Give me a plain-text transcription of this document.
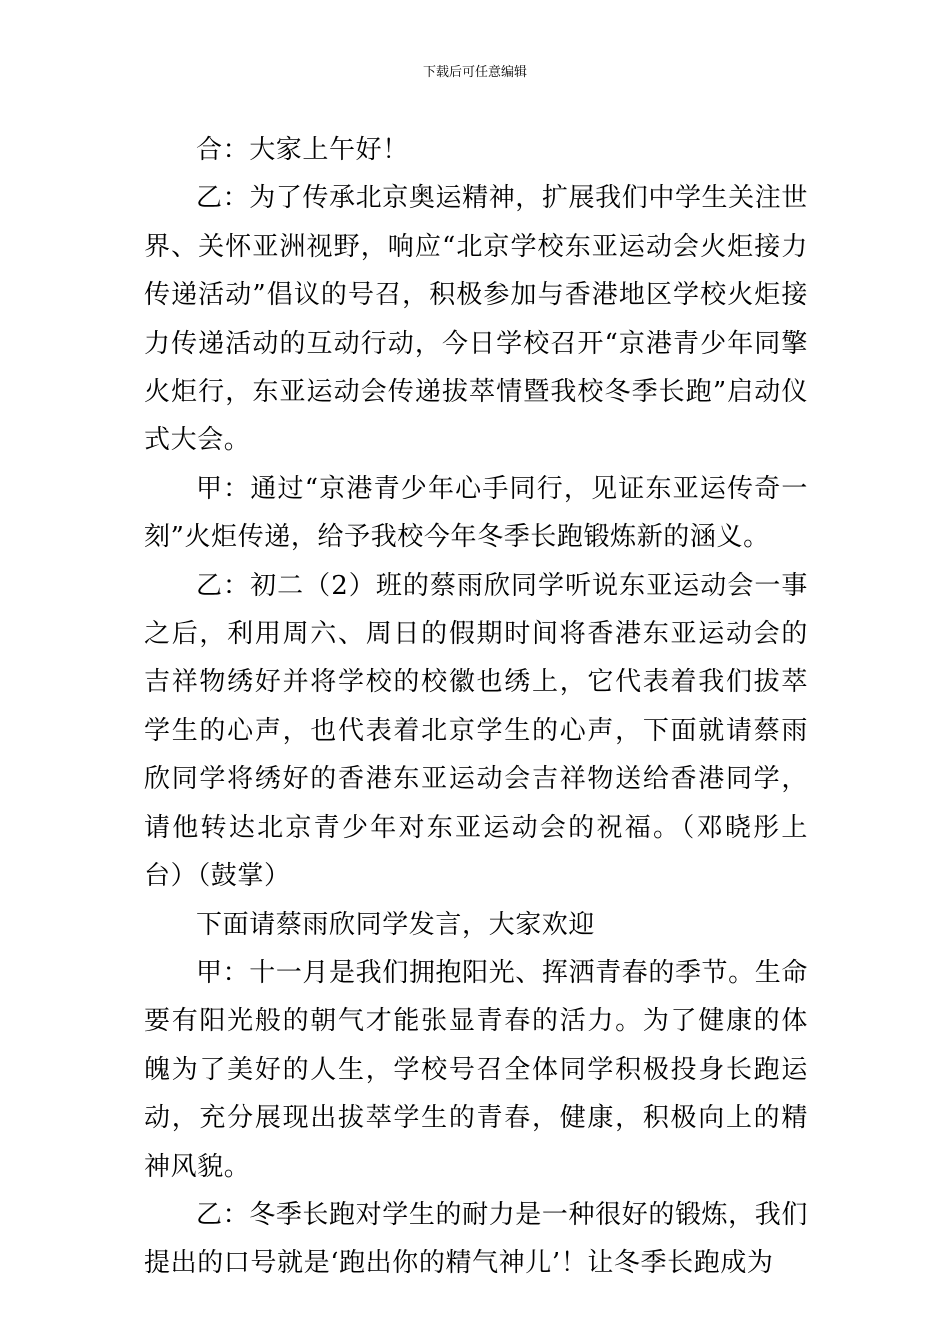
下载后可任意编辑

合：大家上午好！

乙：为了传承北京奥运精神，扩展我们中学生关注世界、关怀亚洲视野，响应“北京学校东亚运动会火炬接力传递活动”倡议的号召，积极参加与香港地区学校火炬接力传递活动的互动行动，今日学校召开“京港青少年同擎火炬行，东亚运动会传递拔萃情暨我校冬季长跑”启动仪式大会。

甲：通过“京港青少年心手同行，见证东亚运传奇一刻”火炬传递，给予我校今年冬季长跑锻炼新的涵义。

乙：初二（2）班的蔡雨欣同学听说东亚运动会一事之后，利用周六、周日的假期时间将香港东亚运动会的吉祥物绣好并将学校的校徽也绣上，它代表着我们拔萃学生的心声，也代表着北京学生的心声，下面就请蔡雨欣同学将绣好的香港东亚运动会吉祥物送给香港同学，请他转达北京青少年对东亚运动会的祝福。（邓晓彤上台）（鼓掌）

下面请蔡雨欣同学发言，大家欢迎

甲：十一月是我们拥抱阳光、挥洒青春的季节。生命要有阳光般的朝气才能张显青春的活力。为了健康的体魄为了美好的人生，学校号召全体同学积极投身长跑运动，充分展现出拔萃学生的青春，健康，积极向上的精神风貌。

乙：冬季长跑对学生的耐力是一种很好的锻炼，我们提出的口号就是‘跑出你的精气神儿’！让冬季长跑成为
